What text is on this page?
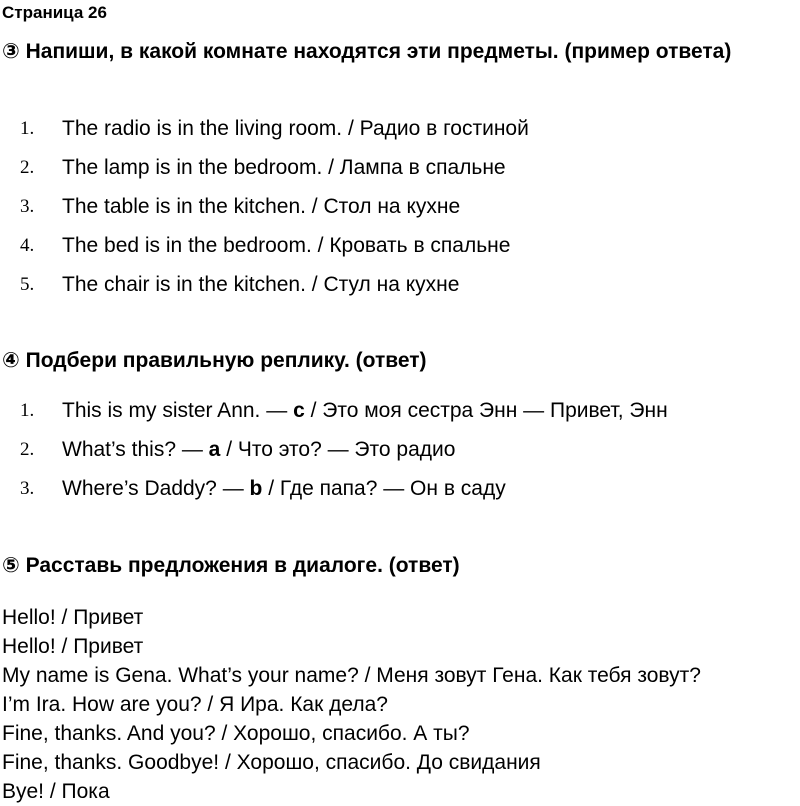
Страница 26
③ Напиши, в какой комнате находятся эти предметы. (пример ответа)
1.	The radio is in the living room. / Радио в гостиной
2.	The lamp is in the bedroom. / Лампа в спальне
3.	The table is in the kitchen. / Стол на кухне
4.	The bed is in the bedroom. / Кровать в спальне
5.	The chair is in the kitchen. / Стул на кухне
④ Подбери правильную реплику. (ответ)
1.	This is my sister Ann. — c / Это моя сестра Энн — Привет, Энн
2.	What’s this? — a / Что это? — Это радио
3.	Where’s Daddy? — b / Где папа? — Он в саду
⑤ Расставь предложения в диалоге. (ответ)
Hello! / Привет
Hello! / Привет
My name is Gena. What’s your name? / Меня зовут Гена. Как тебя зовут?
I’m Ira. How are you? / Я Ира. Как дела?
Fine, thanks. And you? / Хорошо, спасибо. А ты?
Fine, thanks. Goodbye! / Хорошо, спасибо. До свидания
Bye! / Пока
